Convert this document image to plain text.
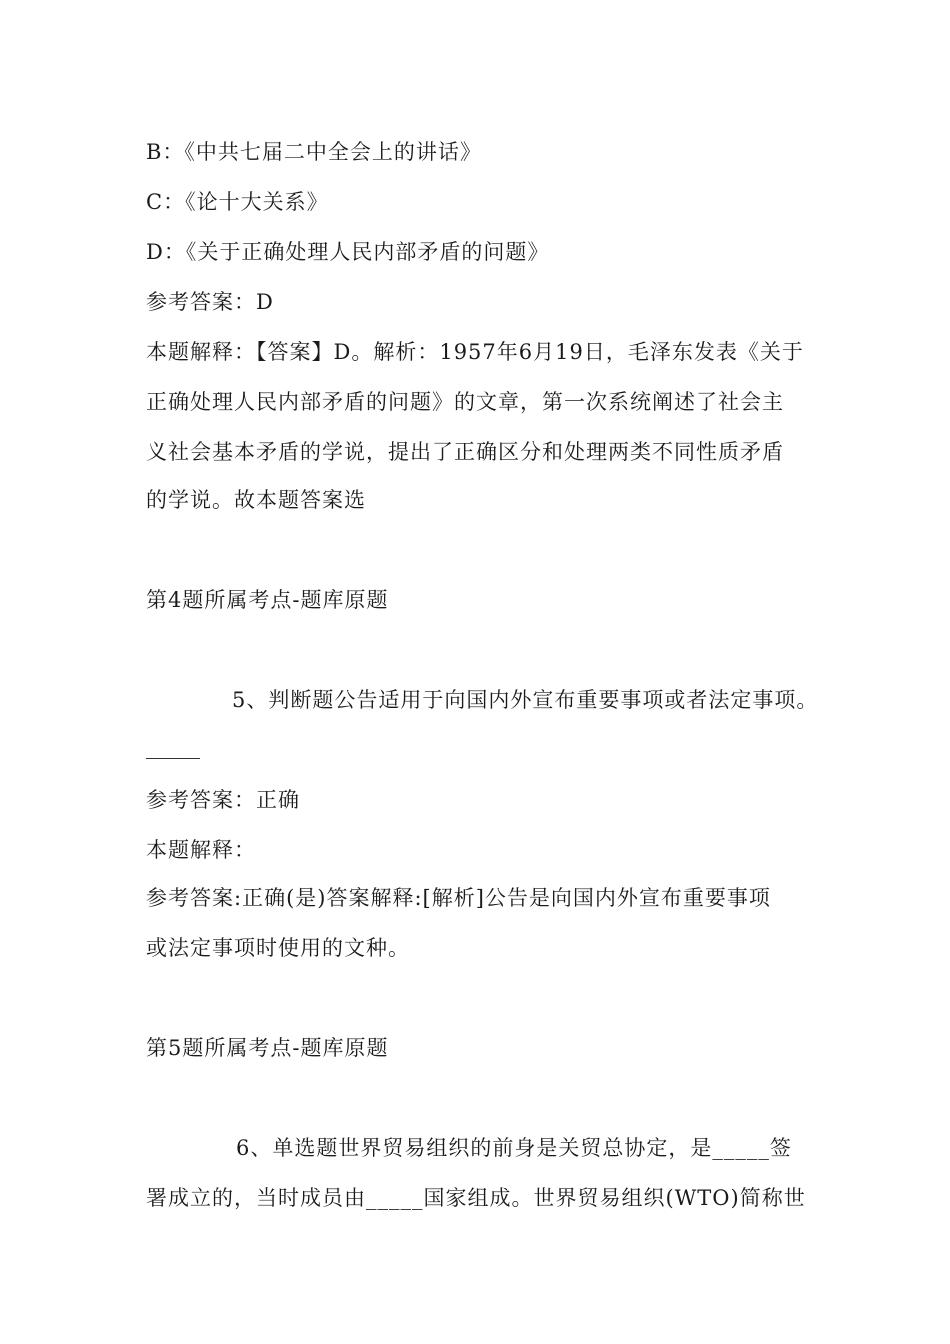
B：《中共七届二中全会上的讲话》
C：《论十大关系》
D：《关于正确处理人民内部矛盾的问题》
参考答案：D
本题解释：【答案】D。解析：1957年6月19日，毛泽东发表《关于
正确处理人民内部矛盾的问题》的文章，第一次系统阐述了社会主
义社会基本矛盾的学说，提出了正确区分和处理两类不同性质矛盾
的学说。故本题答案选
第4题所属考点-题库原题
5、判断题公告适用于向国内外宣布重要事项或者法定事项。
参考答案：正确
本题解释：
参考答案:正确(是)答案解释:[解析]公告是向国内外宣布重要事项
或法定事项时使用的文种。
第5题所属考点-题库原题
6、单选题世界贸易组织的前身是关贸总协定，是_____签
署成立的，当时成员由_____国家组成。世界贸易组织(WTO)简称世
